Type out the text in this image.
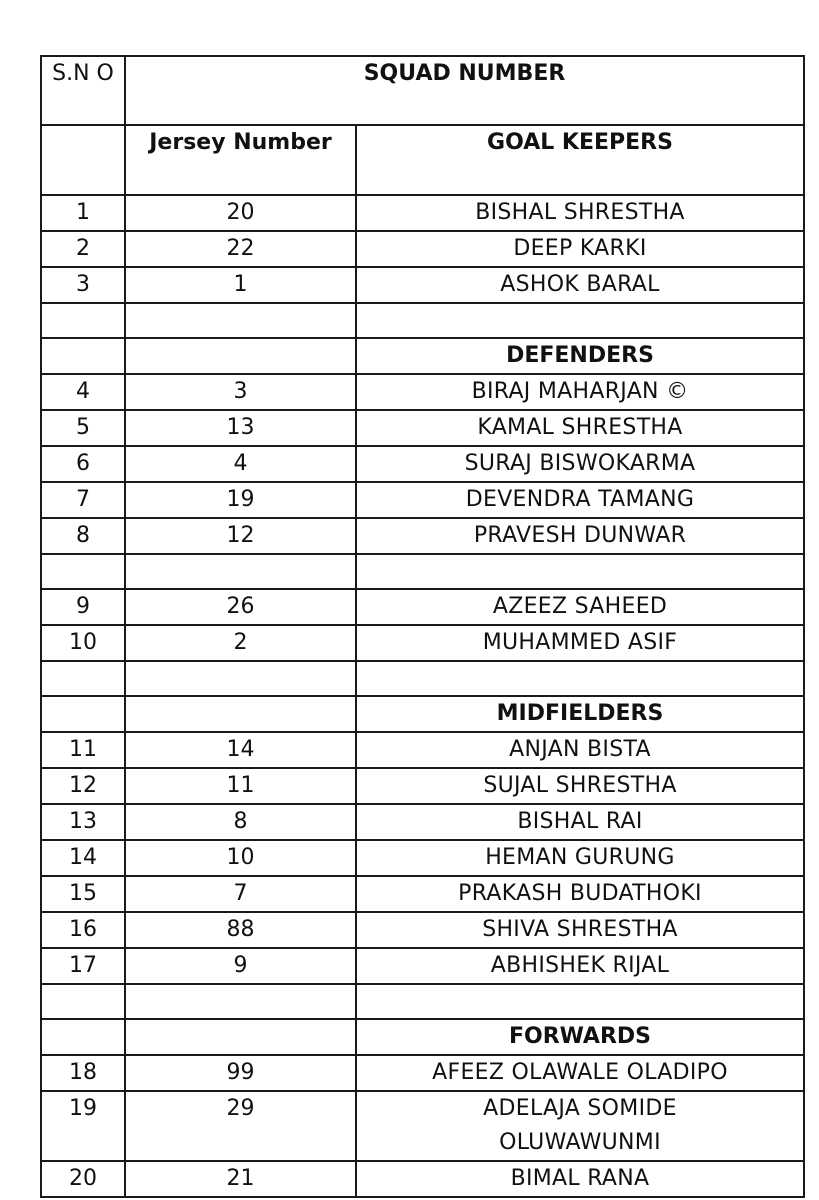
S.N O	SQUAD NUMBER	
	Jersey Number	GOAL KEEPERS
1	20	BISHAL SHRESTHA
2	22	DEEP KARKI
3	1	ASHOK BARAL

		DEFENDERS
4	3	BIRAJ MAHARJAN ©
5	13	KAMAL SHRESTHA
6	4	SURAJ BISWOKARMA
7	19	DEVENDRA TAMANG
8	12	PRAVESH DUNWAR

9	26	AZEEZ SAHEED
10	2	MUHAMMED ASIF

		MIDFIELDERS
11	14	ANJAN BISTA
12	11	SUJAL SHRESTHA
13	8	BISHAL RAI
14	10	HEMAN GURUNG
15	7	PRAKASH BUDATHOKI
16	88	SHIVA SHRESTHA
17	9	ABHISHEK RIJAL

		FORWARDS
18	99	AFEEZ OLAWALE OLADIPO
19	29	ADELAJA SOMIDE OLUWAWUNMI
20	21	BIMAL RANA
